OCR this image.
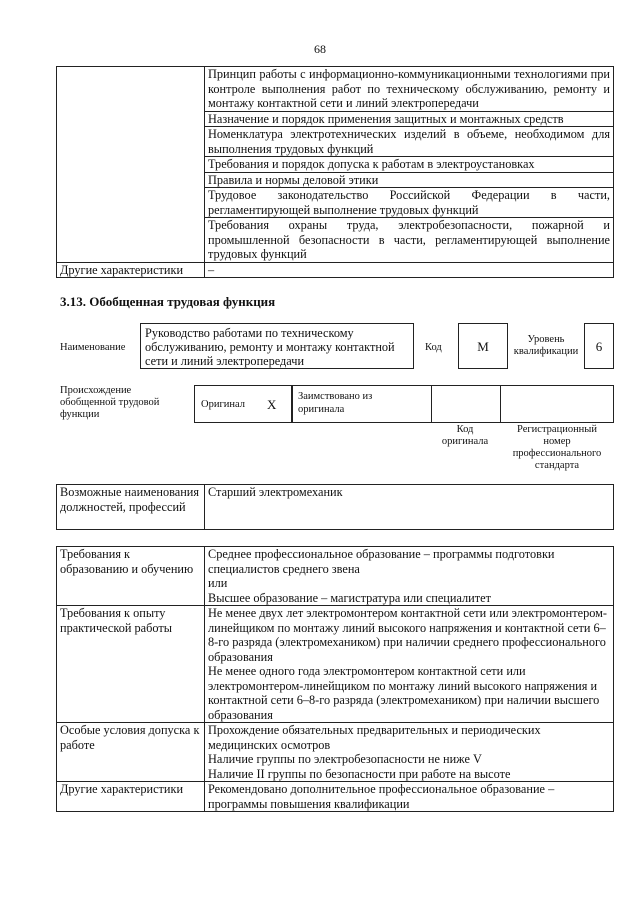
68
	Принцип работы с информационно-коммуникационными технологиями при контроле выполнения работ по техническому обслуживанию, ремонту и монтажу контактной сети и линий электропередачи
	Назначение и порядок применения защитных и монтажных средств
	Номенклатура электротехнических изделий в объеме, необходимом для выполнения трудовых функций
	Требования и порядок допуска к работам в электроустановках
	Правила и нормы деловой этики
	Трудовое законодательство Российской Федерации в части, регламентирующей выполнение трудовых функций
	Требования охраны труда, электробезопасности, пожарной и промышленной безопасности в части, регламентирующей выполнение трудовых функций
Другие характеристики	–
3.13. Обобщенная трудовая функция
Наименование
Руководство работами по техническому обслуживанию, ремонту и монтажу контактной сети и линий электропередачи
Код	M	Уровень квалификации	6
Происхождение обобщенной трудовой функции
Оригинал X
Заимствовано из оригинала
Код оригинала
Регистрационный номер профессионального стандарта
Возможные наименования должностей, профессий	Старший электромеханик
Требования к образованию и обучению	Среднее профессиональное образование – программы подготовки специалистов среднего звена
или
Высшее образование – магистратура или специалитет

Требования к опыту практической работы	Не менее двух лет электромонтером контактной сети или электромонтером-линейщиком по монтажу линий высокого напряжения и контактной сети 6–8-го разряда (электромехаником) при наличии среднего профессионального образования
Не менее одного года электромонтером контактной сети или электромонтером-линейщиком по монтажу линий высокого напряжения и контактной сети 6–8-го разряда (электромехаником) при наличии высшего образования

Особые условия допуска к работе	Прохождение обязательных предварительных и периодических медицинских осмотров
Наличие группы по электробезопасности не ниже V
Наличие II группы по безопасности при работе на высоте

Другие характеристики	Рекомендовано дополнительное профессиональное образование – программы повышения квалификации
